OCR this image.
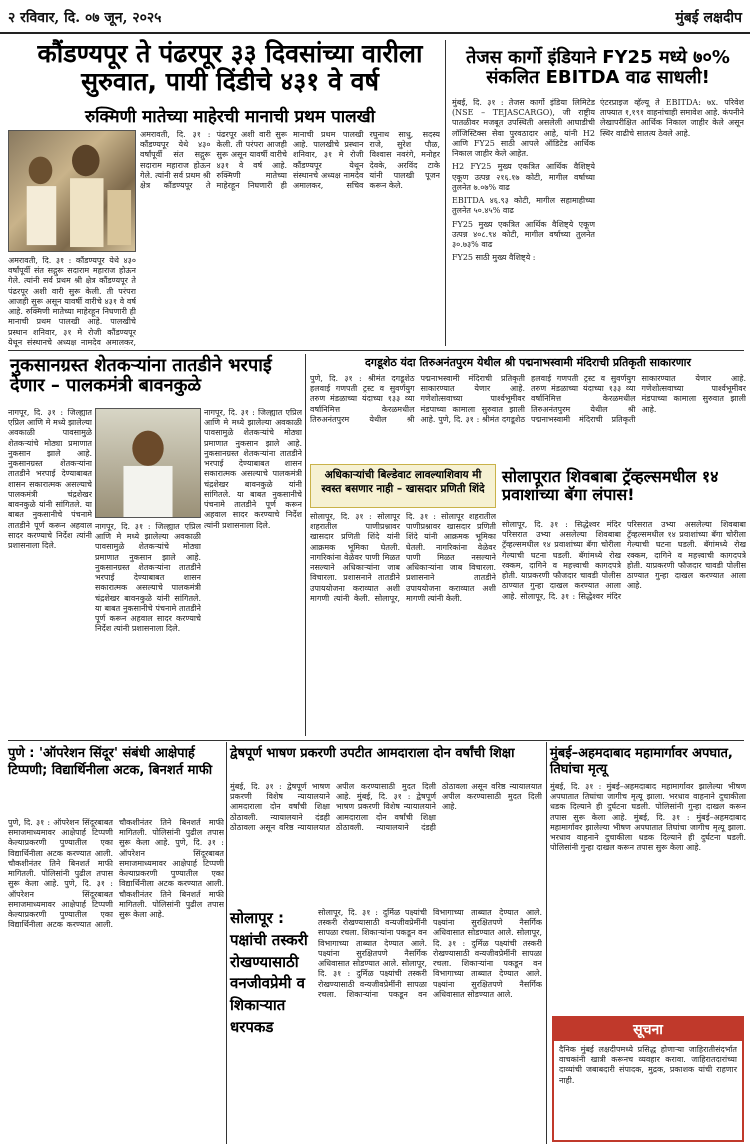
२ रविवार, दि. ०७ जून, २०२५	मुंबई लक्षदीप
कौंडण्यपूर ते पंढरपूर ३३ दिवसांच्या वारीला सुरुवात, पायी दिंडीचे ४३१ वे वर्ष
रुक्मिणी मातेच्या माहेरची मानाची प्रथम पालखी
अमरावती, दि. ३१ : कौंडण्यपूर येथे ४३० वर्षांपूर्वी संत सद्गुरू सदाराम महाराज होऊन गेले. त्यांनी सर्व प्रथम श्री क्षेत्र कौंडण्यपूर ते पंढरपूर अशी वारी सुरू केली. ती परंपरा आजही सुरू असून यावर्षी वारीचे ४३१ वे वर्ष आहे. रुक्मिणी मातेच्या माहेरहून निघणारी ही मानाची प्रथम पालखी आहे. पालखीचे प्रस्थान शनिवार, ३१ मे रोजी कौंडण्यपूर येथून संस्थानचे अध्यक्ष नामदेव अमालकर, सचिव रघुनाथ साधु, सदस्य राजे, सुरेश पौळ, विश्वास नवरंगे, मनोहर देवके, अरविंद टाके यांनी पालखी पूजन करून केले.
अमरावती, दि. ३१ : कौंडण्यपूर येथे ४३० वर्षांपूर्वी संत सद्गुरू सदाराम महाराज होऊन गेले. त्यांनी सर्व प्रथम श्री क्षेत्र कौंडण्यपूर ते पंढरपूर अशी वारी सुरू केली. ती परंपरा आजही सुरू असून यावर्षी वारीचे ४३१ वे वर्ष आहे. रुक्मिणी मातेच्या माहेरहून निघणारी ही मानाची प्रथम पालखी आहे. पालखीचे प्रस्थान शनिवार, ३१ मे रोजी कौंडण्यपूर येथून संस्थानचे अध्यक्ष नामदेव अमालकर,
तेजस कार्गो इंडियाने FY25 मध्ये ७०% संकलित EBITDA वाढ साधली!
मुंबई, दि. ३१ : तेजस कार्गो इंडिया लिमिटेड (NSE – TEJASCARGO), जी राष्ट्रीय पातळीवर मजबूत उपस्थिती असलेली आघाडीची लॉजिस्टिक्स सेवा पुरवठादार आहे, यांनी H2 आणि FY25 साठी आपले ऑडिटेड आर्थिक निकाल जाहीर केले आहेत.
H2 FY25 मुख्य एकत्रित आर्थिक वैशिष्ट्ये एकूण उत्पन्न २१६.१७ कोटी, मागील वर्षाच्या तुलनेत ७.०७% वाढ
EBITDA ४६.९३ कोटी, मागील सहामाहीच्या तुलनेत ५०.४५% वाढ
FY25 मुख्य एकत्रित आर्थिक वैशिष्ट्ये एकूण उत्पन्न ४०८.९४ कोटी, मागील वर्षाच्या तुलनेत ३०.७३% वाढ
FY25 साठी मुख्य वैशिष्ट्ये :
एंटरप्राइज व्हॅल्यू ते EBITDA: ७x. परिवेश ताफ्यात १,१९१ वाहनांचाही समावेश आहे. कंपनीने लेखापरीक्षित आर्थिक निकाल जाहीर केले असून स्थिर वाढीचे सातत्य ठेवले आहे.
नुकसानग्रस्त शेतकऱ्यांना तातडीने भरपाई देणार – पालकमंत्री बावनकुळे
नागपूर, दि. ३१ : जिल्ह्यात एप्रिल आणि मे मध्ये झालेल्या अवकाळी पावसामुळे शेतकऱ्यांचे मोठ्या प्रमाणात नुकसान झाले आहे. नुकसानग्रस्त शेतकऱ्यांना तातडीने भरपाई देण्याबाबत शासन सकारात्मक असल्याचे पालकमंत्री चंद्रशेखर बावनकुळे यांनी सांगितले. या बाबत नुकसानीचे पंचनामे तातडीने पूर्ण करून अहवाल सादर करण्याचे निर्देश त्यांनी प्रशासनाला दिले.
नागपूर, दि. ३१ : जिल्ह्यात एप्रिल आणि मे मध्ये झालेल्या अवकाळी पावसामुळे शेतकऱ्यांचे मोठ्या प्रमाणात नुकसान झाले आहे. नुकसानग्रस्त शेतकऱ्यांना तातडीने भरपाई देण्याबाबत शासन सकारात्मक असल्याचे पालकमंत्री चंद्रशेखर बावनकुळे यांनी सांगितले. या बाबत नुकसानीचे पंचनामे तातडीने पूर्ण करून अहवाल सादर करण्याचे निर्देश त्यांनी प्रशासनाला दिले.
नागपूर, दि. ३१ : जिल्ह्यात एप्रिल आणि मे मध्ये झालेल्या अवकाळी पावसामुळे शेतकऱ्यांचे मोठ्या प्रमाणात नुकसान झाले आहे. नुकसानग्रस्त शेतकऱ्यांना तातडीने भरपाई देण्याबाबत शासन सकारात्मक असल्याचे पालकमंत्री चंद्रशेखर बावनकुळे यांनी सांगितले. या बाबत नुकसानीचे पंचनामे तातडीने पूर्ण करून अहवाल सादर करण्याचे निर्देश त्यांनी प्रशासनाला दिले.
दगडूशेठ यंदा तिरुअनंतपुरम येथील श्री पद्मनाभस्वामी मंदिराची प्रतिकृती साकारणार
पुणे, दि. ३१ : श्रीमंत दगडूशेठ हलवाई गणपती ट्रस्ट व सुवर्णयुग तरुण मंडळाच्या यंदाच्या १३३ व्या वर्षानिमित्त केरळमधील तिरुअनंतपुरम येथील श्री पद्मनाभस्वामी मंदिराची प्रतिकृती साकारण्यात येणार आहे. गणेशोत्सवाच्या पार्श्वभूमीवर मंडपाच्या कामाला सुरुवात झाली आहे. पुणे, दि. ३१ : श्रीमंत दगडूशेठ हलवाई गणपती ट्रस्ट व सुवर्णयुग तरुण मंडळाच्या यंदाच्या १३३ व्या वर्षानिमित्त केरळमधील तिरुअनंतपुरम येथील श्री पद्मनाभस्वामी मंदिराची प्रतिकृती साकारण्यात येणार आहे. गणेशोत्सवाच्या पार्श्वभूमीवर मंडपाच्या कामाला सुरुवात झाली आहे.
अधिकाऱ्यांची बिल्डेवाट लावल्याशिवाय मी स्वस्त बसणार नाही – खासदार प्रणिती शिंदे
सोलापूर, दि. ३१ : सोलापूर शहरातील पाणीप्रश्नावर खासदार प्रणिती शिंदे यांनी आक्रमक भूमिका घेतली. नागरिकांना वेळेवर पाणी मिळत नसल्याने अधिकाऱ्यांना जाब विचारला. प्रशासनाने तातडीने उपाययोजना कराव्यात अशी मागणी त्यांनी केली. सोलापूर, दि. ३१ : सोलापूर शहरातील पाणीप्रश्नावर खासदार प्रणिती शिंदे यांनी आक्रमक भूमिका घेतली. नागरिकांना वेळेवर पाणी मिळत नसल्याने अधिकाऱ्यांना जाब विचारला. प्रशासनाने तातडीने उपाययोजना कराव्यात अशी मागणी त्यांनी केली.
सोलापूरात शिवबाबा ट्रॅव्हल्समधील १४ प्रवाशांच्या बॅगा लंपास!
सोलापूर, दि. ३१ : सिद्धेश्वर मंदिर परिसरात उभ्या असलेल्या शिवबाबा ट्रॅव्हल्समधील १४ प्रवाशांच्या बॅगा चोरीला गेल्याची घटना घडली. बॅगांमध्ये रोख रक्कम, दागिने व महत्त्वाची कागदपत्रे होती. याप्रकरणी फौजदार चावडी पोलीस ठाण्यात गुन्हा दाखल करण्यात आला आहे. सोलापूर, दि. ३१ : सिद्धेश्वर मंदिर परिसरात उभ्या असलेल्या शिवबाबा ट्रॅव्हल्समधील १४ प्रवाशांच्या बॅगा चोरीला गेल्याची घटना घडली. बॅगांमध्ये रोख रक्कम, दागिने व महत्त्वाची कागदपत्रे होती. याप्रकरणी फौजदार चावडी पोलीस ठाण्यात गुन्हा दाखल करण्यात आला आहे.
पुणे : 'ऑपरेशन सिंदूर' संबंधी आक्षेपार्ह टिप्पणी; विद्यार्थिनीला अटक, बिनशर्त माफी
पुणे, दि. ३१ : ऑपरेशन सिंदूरबाबत समाजमाध्यमावर आक्षेपार्ह टिप्पणी केल्याप्रकरणी पुण्यातील एका विद्यार्थिनीला अटक करण्यात आली. चौकशीनंतर तिने बिनशर्त माफी मागितली. पोलिसांनी पुढील तपास सुरू केला आहे. पुणे, दि. ३१ : ऑपरेशन सिंदूरबाबत समाजमाध्यमावर आक्षेपार्ह टिप्पणी केल्याप्रकरणी पुण्यातील एका विद्यार्थिनीला अटक करण्यात आली. चौकशीनंतर तिने बिनशर्त माफी मागितली. पोलिसांनी पुढील तपास सुरू केला आहे. पुणे, दि. ३१ : ऑपरेशन सिंदूरबाबत समाजमाध्यमावर आक्षेपार्ह टिप्पणी केल्याप्रकरणी पुण्यातील एका विद्यार्थिनीला अटक करण्यात आली. चौकशीनंतर तिने बिनशर्त माफी मागितली. पोलिसांनी पुढील तपास सुरू केला आहे.
द्वेषपूर्ण भाषण प्रकरणी उपटीत आमदाराला दोन वर्षांची शिक्षा
मुंबई, दि. ३१ : द्वेषपूर्ण भाषण प्रकरणी विशेष न्यायालयाने आमदाराला दोन वर्षांची शिक्षा ठोठावली. न्यायालयाने दंडही ठोठावला असून वरिष्ठ न्यायालयात अपील करण्यासाठी मुदत दिली आहे. मुंबई, दि. ३१ : द्वेषपूर्ण भाषण प्रकरणी विशेष न्यायालयाने आमदाराला दोन वर्षांची शिक्षा ठोठावली. न्यायालयाने दंडही ठोठावला असून वरिष्ठ न्यायालयात अपील करण्यासाठी मुदत दिली आहे.
सोलापूर : पक्षांची तस्करी रोखण्यासाठी वनजीवप्रेमी व शिकाऱ्यात धरपकड
सोलापूर, दि. ३१ : दुर्मिळ पक्ष्यांची तस्करी रोखण्यासाठी वन्यजीवप्रेमींनी सापळा रचला. शिकाऱ्यांना पकडून वन विभागाच्या ताब्यात देण्यात आले. पक्ष्यांना सुरक्षितपणे नैसर्गिक अधिवासात सोडण्यात आले. सोलापूर, दि. ३१ : दुर्मिळ पक्ष्यांची तस्करी रोखण्यासाठी वन्यजीवप्रेमींनी सापळा रचला. शिकाऱ्यांना पकडून वन विभागाच्या ताब्यात देण्यात आले. पक्ष्यांना सुरक्षितपणे नैसर्गिक अधिवासात सोडण्यात आले. सोलापूर, दि. ३१ : दुर्मिळ पक्ष्यांची तस्करी रोखण्यासाठी वन्यजीवप्रेमींनी सापळा रचला. शिकाऱ्यांना पकडून वन विभागाच्या ताब्यात देण्यात आले. पक्ष्यांना सुरक्षितपणे नैसर्गिक अधिवासात सोडण्यात आले.
मुंबई–अहमदाबाद महामार्गावर अपघात, तिघांचा मृत्यू
मुंबई, दि. ३१ : मुंबई–अहमदाबाद महामार्गावर झालेल्या भीषण अपघातात तिघांचा जागीच मृत्यू झाला. भरधाव वाहनाने दुचाकीला धडक दिल्याने ही दुर्घटना घडली. पोलिसांनी गुन्हा दाखल करून तपास सुरू केला आहे. मुंबई, दि. ३१ : मुंबई–अहमदाबाद महामार्गावर झालेल्या भीषण अपघातात तिघांचा जागीच मृत्यू झाला. भरधाव वाहनाने दुचाकीला धडक दिल्याने ही दुर्घटना घडली. पोलिसांनी गुन्हा दाखल करून तपास सुरू केला आहे.
सूचना
दैनिक मुंबई लक्षदीपमध्ये प्रसिद्ध होणाऱ्या जाहिरातीसंदर्भात वाचकांनी खात्री करूनच व्यवहार करावा. जाहिरातदारांच्या दाव्यांची जबाबदारी संपादक, मुद्रक, प्रकाशक यांची राहणार नाही.
